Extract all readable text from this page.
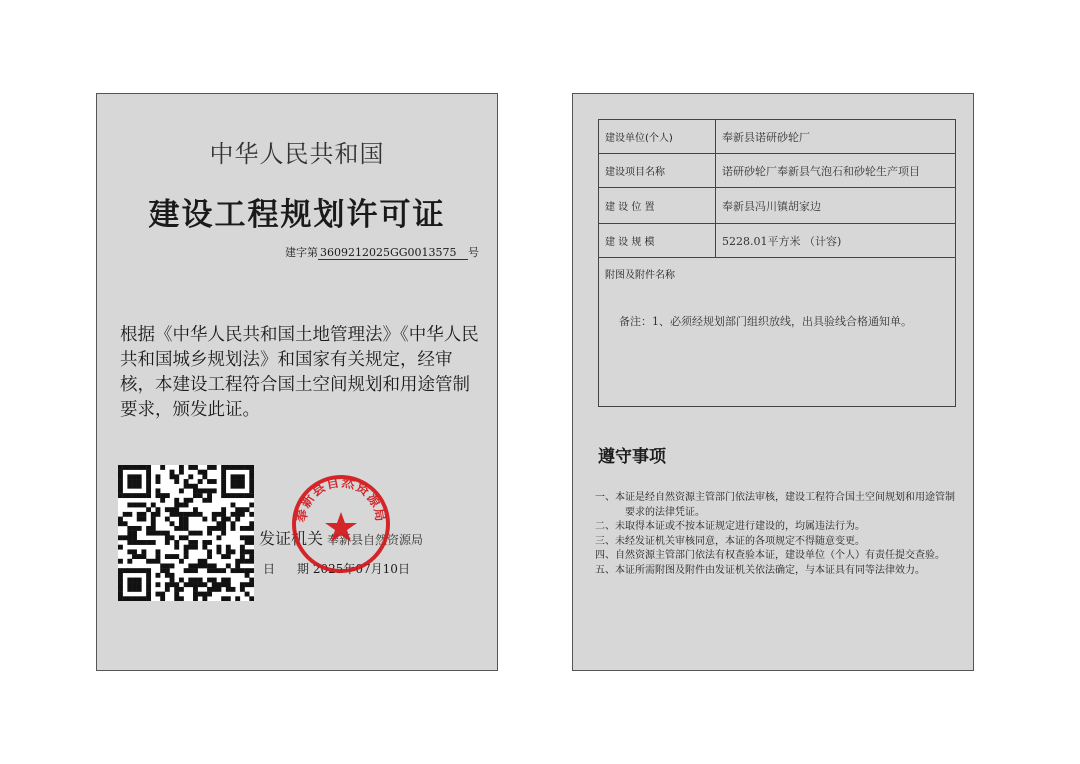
中华人民共和国
建设工程规划许可证
建字第 3609212025GG0013575 号
根据《中华人民共和国土地管理法》《中华人民共和国城乡规划法》和国家有关规定，经审核，本建设工程符合国土空间规划和用途管制要求，颁发此证。
发证机关 奉新县自然资源局
日 期 2025年07月10日
奉新县自然资源局
建设单位(个人)	奉新县诺研砂轮厂
建设项目名称	诺研砂轮厂奉新县气泡石和砂轮生产项目
建 设 位 置	奉新县冯川镇胡家边
建 设 规 模	5228.01平方米 （计容)
附图及附件名称
备注：1、必须经规划部门组织放线，出具验线合格通知单。	
遵守事项
一、本证是经自然资源主管部门依法审核，建设工程符合国土空间规划和用途管制要求的法律凭证。
二、未取得本证或不按本证规定进行建设的，均属违法行为。
三、未经发证机关审核同意，本证的各项规定不得随意变更。
四、自然资源主管部门依法有权查验本证，建设单位（个人）有责任提交查验。
五、本证所需附图及附件由发证机关依法确定，与本证具有同等法律效力。
